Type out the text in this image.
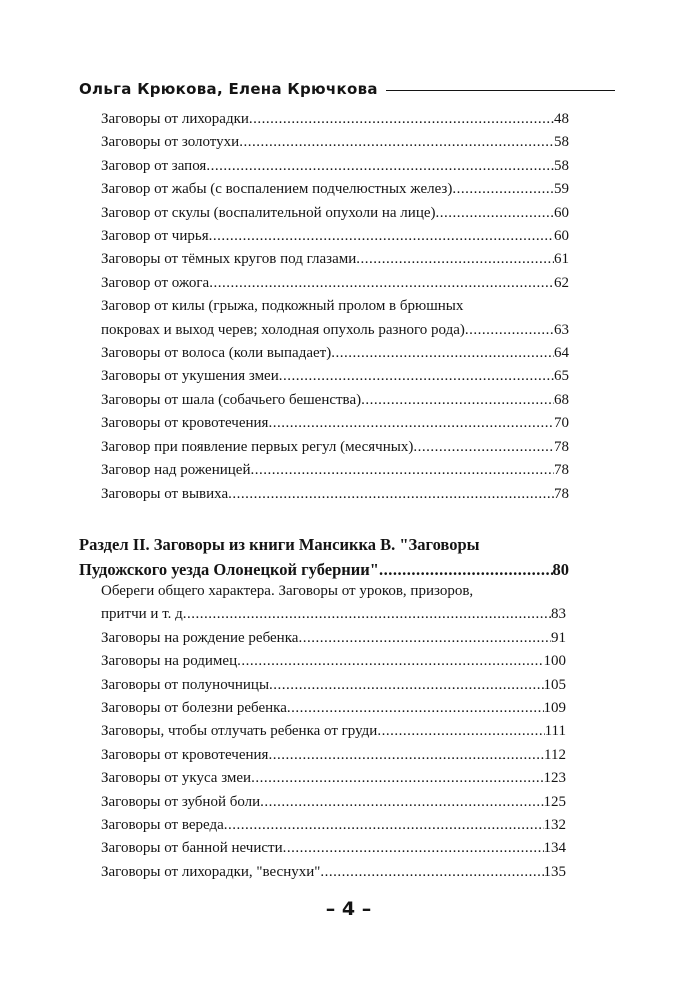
Ольга Крюкова, Елена Крючкова
Заговоры от лихорадки .....	48
Заговоры от золотухи .....	58
Заговор от запоя .....	58
Заговор от жабы (с воспалением подчелюстных желез) .....	59
Заговор от скулы (воспалительной опухоли на лице) .....	60
Заговор от чирья .....	60
Заговоры от тёмных кругов под глазами .....	61
Заговор от ожога .....	62
Заговор от килы (грыжа, подкожный пролом в брюшных
покровах и выход черев; холодная опухоль разного рода) .....	63
Заговоры от волоса (коли выпадает) .....	64
Заговоры от укушения змеи .....	65
Заговоры от шала (собачьего бешенства) .....	68
Заговоры от кровотечения .....	70
Заговор при появление первых регул (месячных) .....	78
Заговор над роженицей .....	78
Заговоры от вывиха .....	78
Раздел II. Заговоры из книги Мансикка В. "Заговоры
Пудожского уезда Олонецкой губернии" .....	80
Обереги общего характера. Заговоры от уроков, призоров,
притчи и т. д .....	83
Заговоры на рождение ребенка .....	91
Заговоры на родимец .....	100
Заговоры от полуночницы .....	105
Заговоры от болезни ребенка .....	109
Заговоры, чтобы отлучать ребенка от груди .....	111
Заговоры от кровотечения .....	112
Заговоры от укуса змеи .....	123
Заговоры от зубной боли .....	125
Заговоры от вереда .....	132
Заговоры от банной нечисти .....	134
Заговоры от лихорадки, "веснухи" .....	135
– 4 –
